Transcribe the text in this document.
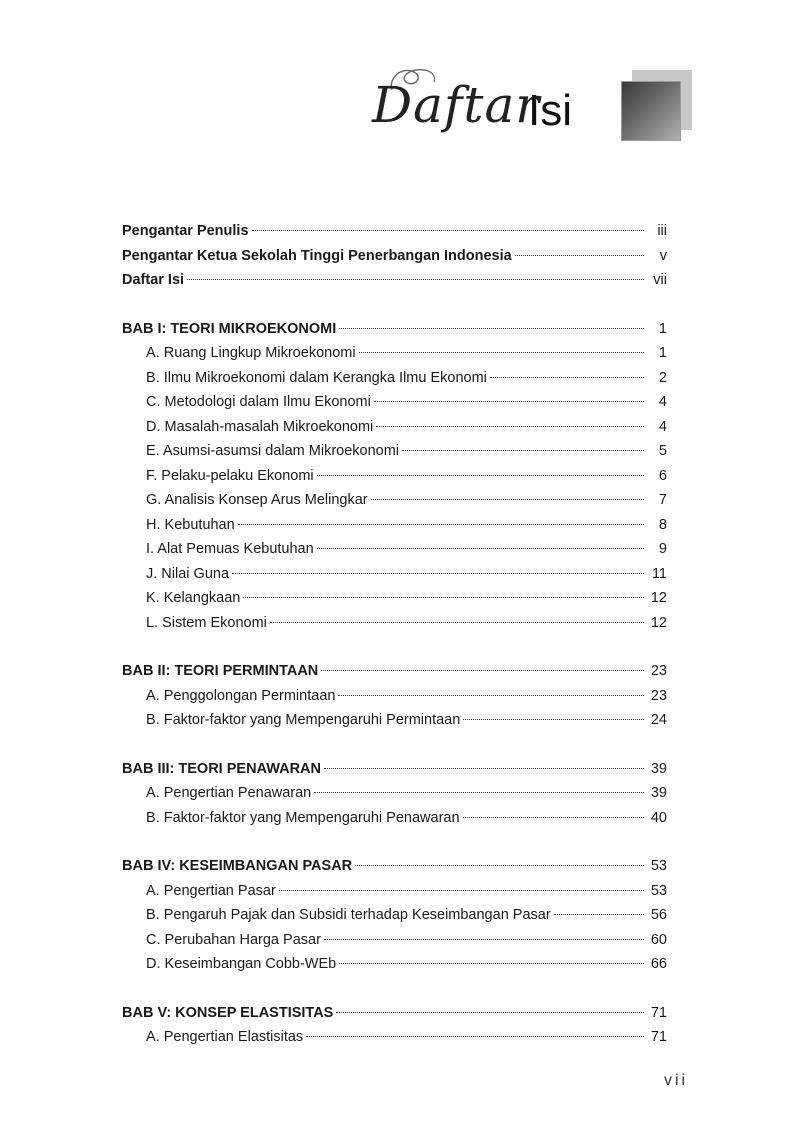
Daftar
Isi
Pengantar Penulis	iii
Pengantar Ketua Sekolah Tinggi Penerbangan Indonesia	v
Daftar Isi	vii
BAB I: TEORI MIKROEKONOMI	1
A. Ruang Lingkup Mikroekonomi	1
B. Ilmu Mikroekonomi dalam Kerangka Ilmu Ekonomi	2
C. Metodologi dalam Ilmu Ekonomi	4
D. Masalah-masalah Mikroekonomi	4
E. Asumsi-asumsi dalam Mikroekonomi	5
F. Pelaku-pelaku Ekonomi	6
G. Analisis Konsep Arus Melingkar	7
H. Kebutuhan	8
I. Alat Pemuas Kebutuhan	9
J. Nilai Guna	11
K. Kelangkaan	12
L. Sistem Ekonomi	12
BAB II: TEORI PERMINTAAN	23
A. Penggolongan Permintaan	23
B. Faktor-faktor yang Mempengaruhi Permintaan	24
BAB III: TEORI PENAWARAN	39
A. Pengertian Penawaran	39
B. Faktor-faktor yang Mempengaruhi Penawaran	40
BAB IV: KESEIMBANGAN PASAR	53
A. Pengertian Pasar	53
B. Pengaruh Pajak dan Subsidi terhadap Keseimbangan Pasar	56
C. Perubahan Harga Pasar	60
D. Keseimbangan Cobb-WEb	66
BAB V: KONSEP ELASTISITAS	71
A. Pengertian Elastisitas	71
vii
